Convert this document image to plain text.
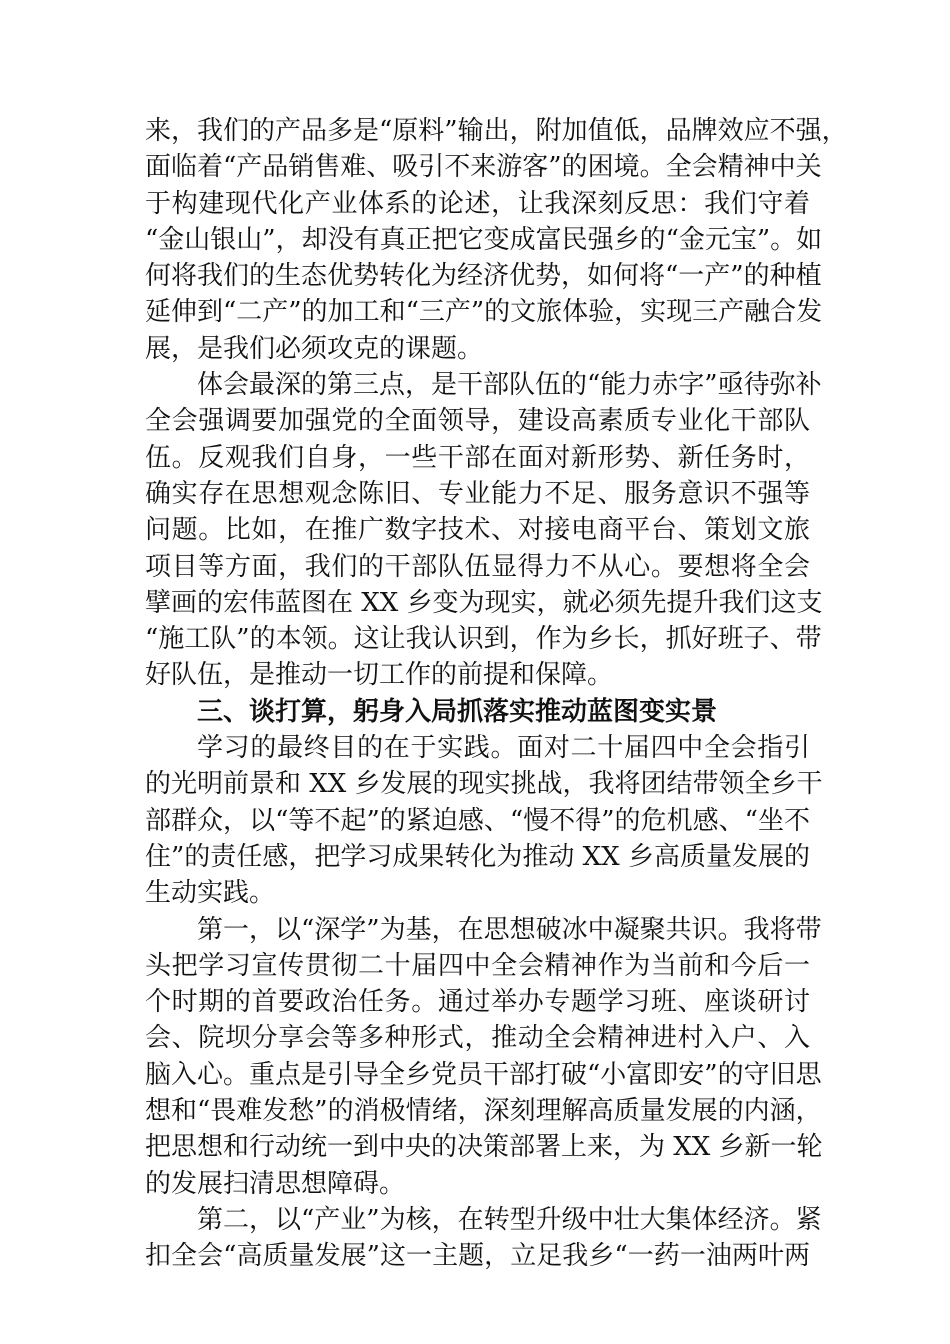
来，我们的产品多是“原料”输出，附加值低，品牌效应不强，
面临着“产品销售难、吸引不来游客”的困境。全会精神中关
于构建现代化产业体系的论述，让我深刻反思：我们守着
“金山银山”，却没有真正把它变成富民强乡的“金元宝”。如
何将我们的生态优势转化为经济优势，如何将“一产”的种植
延伸到“二产”的加工和“三产”的文旅体验，实现三产融合发
展，是我们必须攻克的课题。
体会最深的第三点，是干部队伍的“能力赤字”亟待弥补
全会强调要加强党的全面领导，建设高素质专业化干部队
伍。反观我们自身，一些干部在面对新形势、新任务时，
确实存在思想观念陈旧、专业能力不足、服务意识不强等
问题。比如，在推广数字技术、对接电商平台、策划文旅
项目等方面，我们的干部队伍显得力不从心。要想将全会
擘画的宏伟蓝图在 XX 乡变为现实，就必须先提升我们这支
“施工队”的本领。这让我认识到，作为乡长，抓好班子、带
好队伍，是推动一切工作的前提和保障。
三、谈打算，躬身入局抓落实推动蓝图变实景
学习的最终目的在于实践。面对二十届四中全会指引
的光明前景和 XX 乡发展的现实挑战，我将团结带领全乡干
部群众，以“等不起”的紧迫感、“慢不得”的危机感、“坐不
住”的责任感，把学习成果转化为推动 XX 乡高质量发展的
生动实践。
第一，以“深学”为基，在思想破冰中凝聚共识。我将带
头把学习宣传贯彻二十届四中全会精神作为当前和今后一
个时期的首要政治任务。通过举办专题学习班、座谈研讨
会、院坝分享会等多种形式，推动全会精神进村入户、入
脑入心。重点是引导全乡党员干部打破“小富即安”的守旧思
想和“畏难发愁”的消极情绪，深刻理解高质量发展的内涵，
把思想和行动统一到中央的决策部署上来，为 XX 乡新一轮
的发展扫清思想障碍。
第二，以“产业”为核，在转型升级中壮大集体经济。紧
扣全会“高质量发展”这一主题，立足我乡“一药一油两叶两
